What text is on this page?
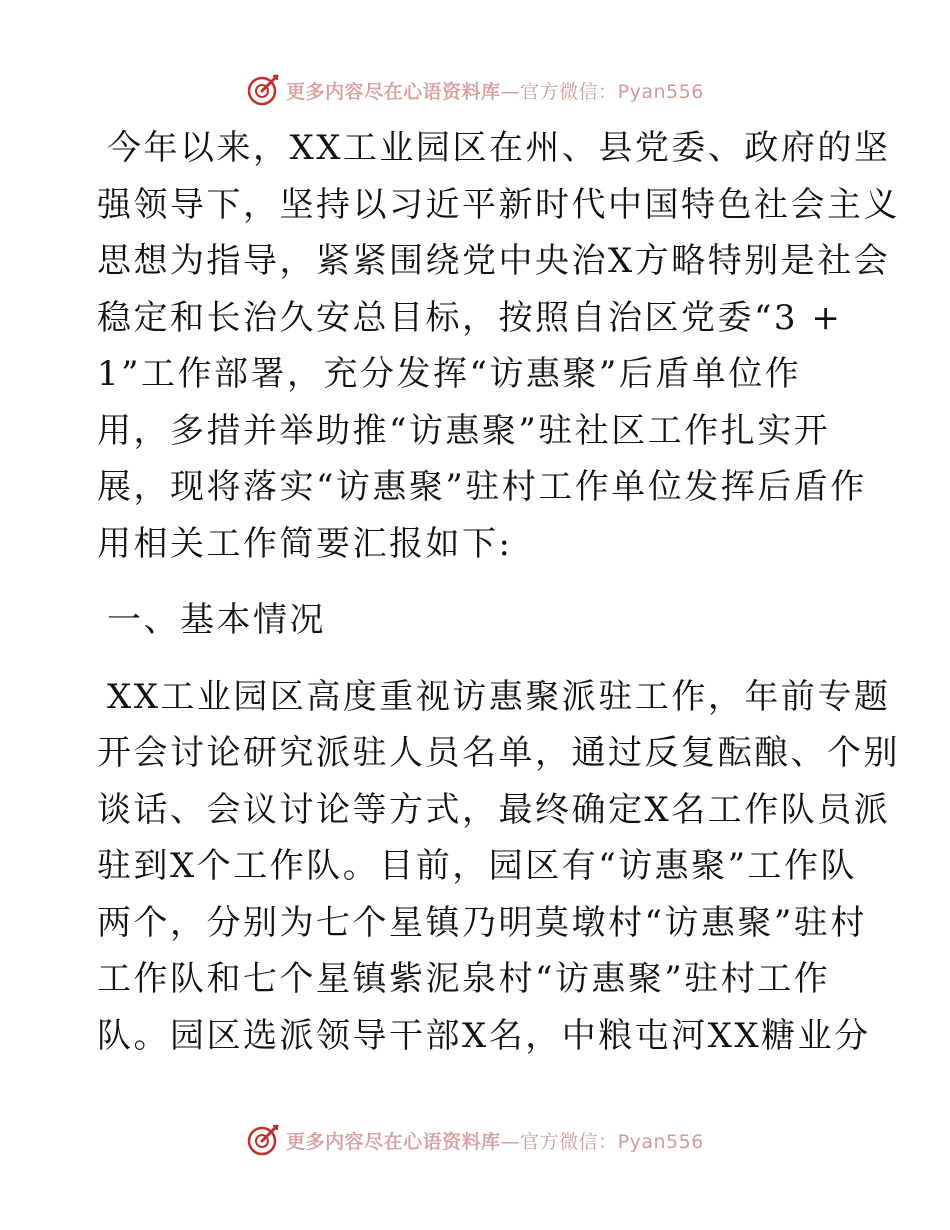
更多内容尽在心语资料库—官方微信：Pyan556
今年以来，XX工业园区在州、县党委、政府的坚
强领导下，坚持以习近平新时代中国特色社会主义
思想为指导，紧紧围绕党中央治X方略特别是社会
稳定和长治久安总目标，按照自治区党委“3 +
1”工作部署，充分发挥“访惠聚”后盾单位作
用，多措并举助推“访惠聚”驻社区工作扎实开
展，现将落实“访惠聚”驻村工作单位发挥后盾作
用相关工作简要汇报如下:
一、基本情况
XX工业园区高度重视访惠聚派驻工作，年前专题
开会讨论研究派驻人员名单，通过反复酝酿、个别
谈话、会议讨论等方式，最终确定X名工作队员派
驻到X个工作队。目前，园区有“访惠聚”工作队
两个，分别为七个星镇乃明莫墩村“访惠聚”驻村
工作队和七个星镇紫泥泉村“访惠聚”驻村工作
队。园区选派领导干部X名，中粮屯河XX糖业分
更多内容尽在心语资料库—官方微信：Pyan556
